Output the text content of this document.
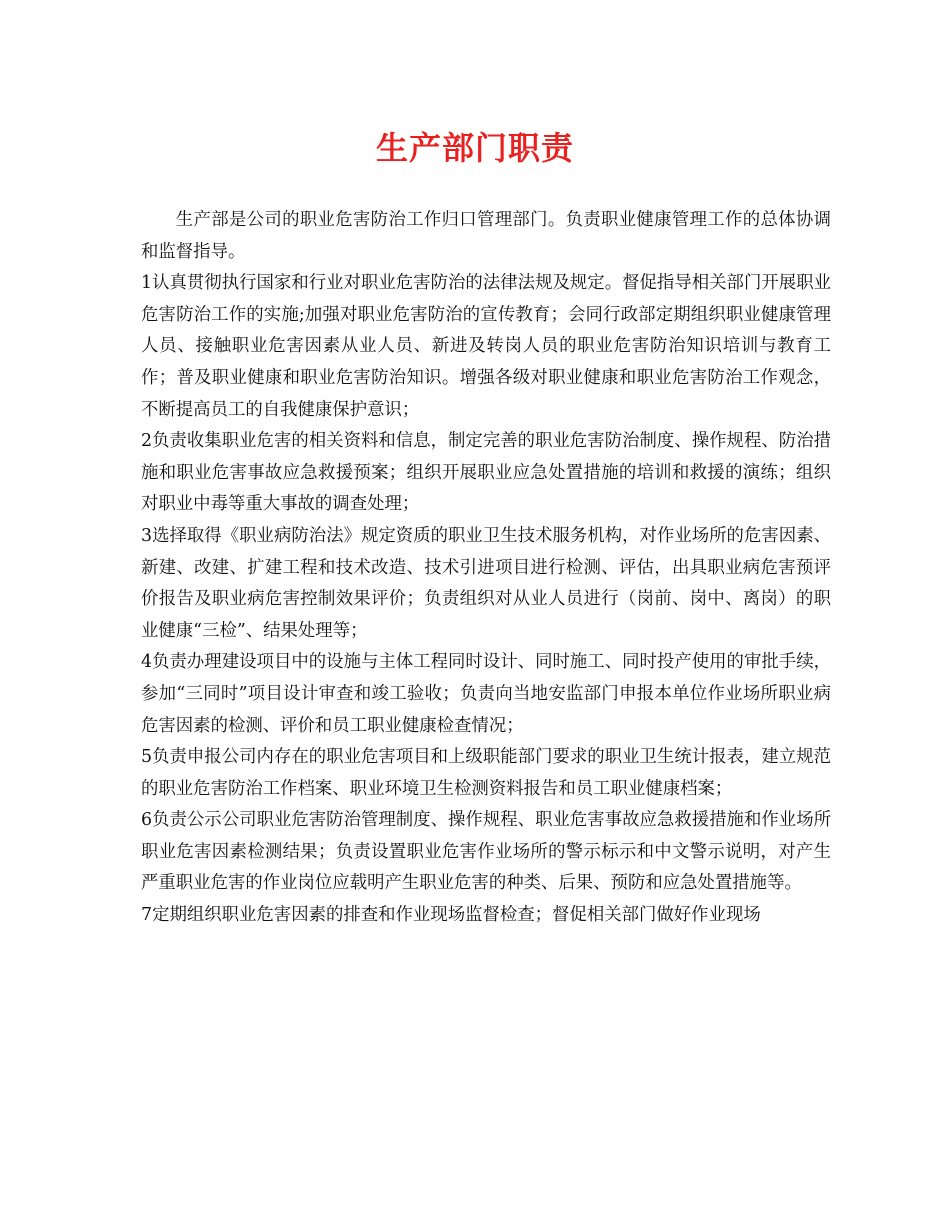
生产部门职责

生产部是公司的职业危害防治工作归口管理部门。负责职业健康管理工作的总体协调和监督指导。

1认真贯彻执行国家和行业对职业危害防治的法律法规及规定。督促指导相关部门开展职业危害防治工作的实施;加强对职业危害防治的宣传教育；会同行政部定期组织职业健康管理人员、接触职业危害因素从业人员、新进及转岗人员的职业危害防治知识培训与教育工作；普及职业健康和职业危害防治知识。增强各级对职业健康和职业危害防治工作观念，不断提高员工的自我健康保护意识；

2负责收集职业危害的相关资料和信息，制定完善的职业危害防治制度、操作规程、防治措施和职业危害事故应急救援预案；组织开展职业应急处置措施的培训和救援的演练；组织对职业中毒等重大事故的调查处理；

3选择取得《职业病防治法》规定资质的职业卫生技术服务机构，对作业场所的危害因素、新建、改建、扩建工程和技术改造、技术引进项目进行检测、评估，出具职业病危害预评价报告及职业病危害控制效果评价；负责组织对从业人员进行（岗前、岗中、离岗）的职业健康“三检”、结果处理等；

4负责办理建设项目中的设施与主体工程同时设计、同时施工、同时投产使用的审批手续，参加“三同时”项目设计审查和竣工验收；负责向当地安监部门申报本单位作业场所职业病危害因素的检测、评价和员工职业健康检查情况；

5负责申报公司内存在的职业危害项目和上级职能部门要求的职业卫生统计报表，建立规范的职业危害防治工作档案、职业环境卫生检测资料报告和员工职业健康档案；

6负责公示公司职业危害防治管理制度、操作规程、职业危害事故应急救援措施和作业场所职业危害因素检测结果；负责设置职业危害作业场所的警示标示和中文警示说明，对产生严重职业危害的作业岗位应载明产生职业危害的种类、后果、预防和应急处置措施等。

7定期组织职业危害因素的排查和作业现场监督检查；督促相关部门做好作业现场
